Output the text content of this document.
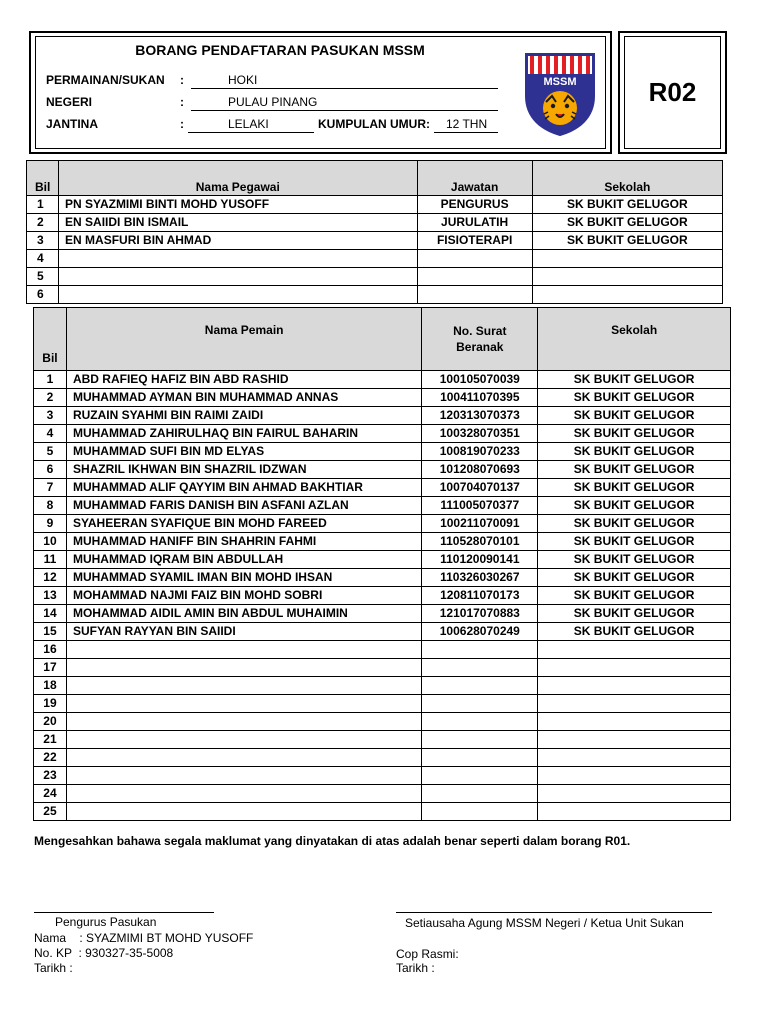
R02
BORANG PENDAFTARAN PASUKAN MSSM
PERMAINAN/SUKAN :	HOKI
NEGERI	:	PULAU PINANG
JANTINA	:	LELAKI	KUMPULAN UMUR: 12 THN
MSSM
Bil	Nama Pegawai	Jawatan	Sekolah
1	PN SYAZMIMI BINTI MOHD YUSOFF	PENGURUS	SK BUKIT GELUGOR
2	EN SAIIDI BIN ISMAIL	JURULATIH	SK BUKIT GELUGOR
3	EN MASFURI BIN AHMAD	FISIOTERAPI	SK BUKIT GELUGOR
4			
5			
6			
Bil	Nama Pemain	No. Surat Beranak	Sekolah
1	ABD RAFIEQ HAFIZ BIN ABD RASHID	100105070039	SK BUKIT GELUGOR
2	MUHAMMAD AYMAN BIN MUHAMMAD ANNAS	100411070395	SK BUKIT GELUGOR
3	RUZAIN SYAHMI BIN RAIMI ZAIDI	120313070373	SK BUKIT GELUGOR
4	MUHAMMAD ZAHIRULHAQ BIN FAIRUL BAHARIN	100328070351	SK BUKIT GELUGOR
5	MUHAMMAD SUFI BIN MD ELYAS	100819070233	SK BUKIT GELUGOR
6	SHAZRIL IKHWAN BIN SHAZRIL IDZWAN	101208070693	SK BUKIT GELUGOR
7	MUHAMMAD ALIF QAYYIM BIN AHMAD BAKHTIAR	100704070137	SK BUKIT GELUGOR
8	MUHAMMAD FARIS DANISH BIN ASFANI AZLAN	111005070377	SK BUKIT GELUGOR
9	SYAHEERAN SYAFIQUE BIN MOHD FAREED	100211070091	SK BUKIT GELUGOR
10	MUHAMMAD HANIFF BIN SHAHRIN FAHMI	110528070101	SK BUKIT GELUGOR
11	MUHAMMAD IQRAM BIN ABDULLAH	110120090141	SK BUKIT GELUGOR
12	MUHAMMAD SYAMIL IMAN BIN MOHD IHSAN	110326030267	SK BUKIT GELUGOR
13	MOHAMMAD NAJMI FAIZ BIN MOHD SOBRI	120811070173	SK BUKIT GELUGOR
14	MOHAMMAD AIDIL AMIN BIN ABDUL MUHAIMIN	121017070883	SK BUKIT GELUGOR
15	SUFYAN RAYYAN BIN SAIIDI	100628070249	SK BUKIT GELUGOR
16			
17			
18			
19			
20			
21			
22			
23			
24			
25			
Mengesahkan bahawa segala maklumat yang dinyatakan di atas adalah benar seperti dalam borang R01.
Pengurus Pasukan
Nama    : SYAZMIMI BT MOHD YUSOFF
No. KP  : 930327-35-5008
Tarikh :
Setiausaha Agung MSSM Negeri / Ketua Unit Sukan
Cop Rasmi:
Tarikh :
